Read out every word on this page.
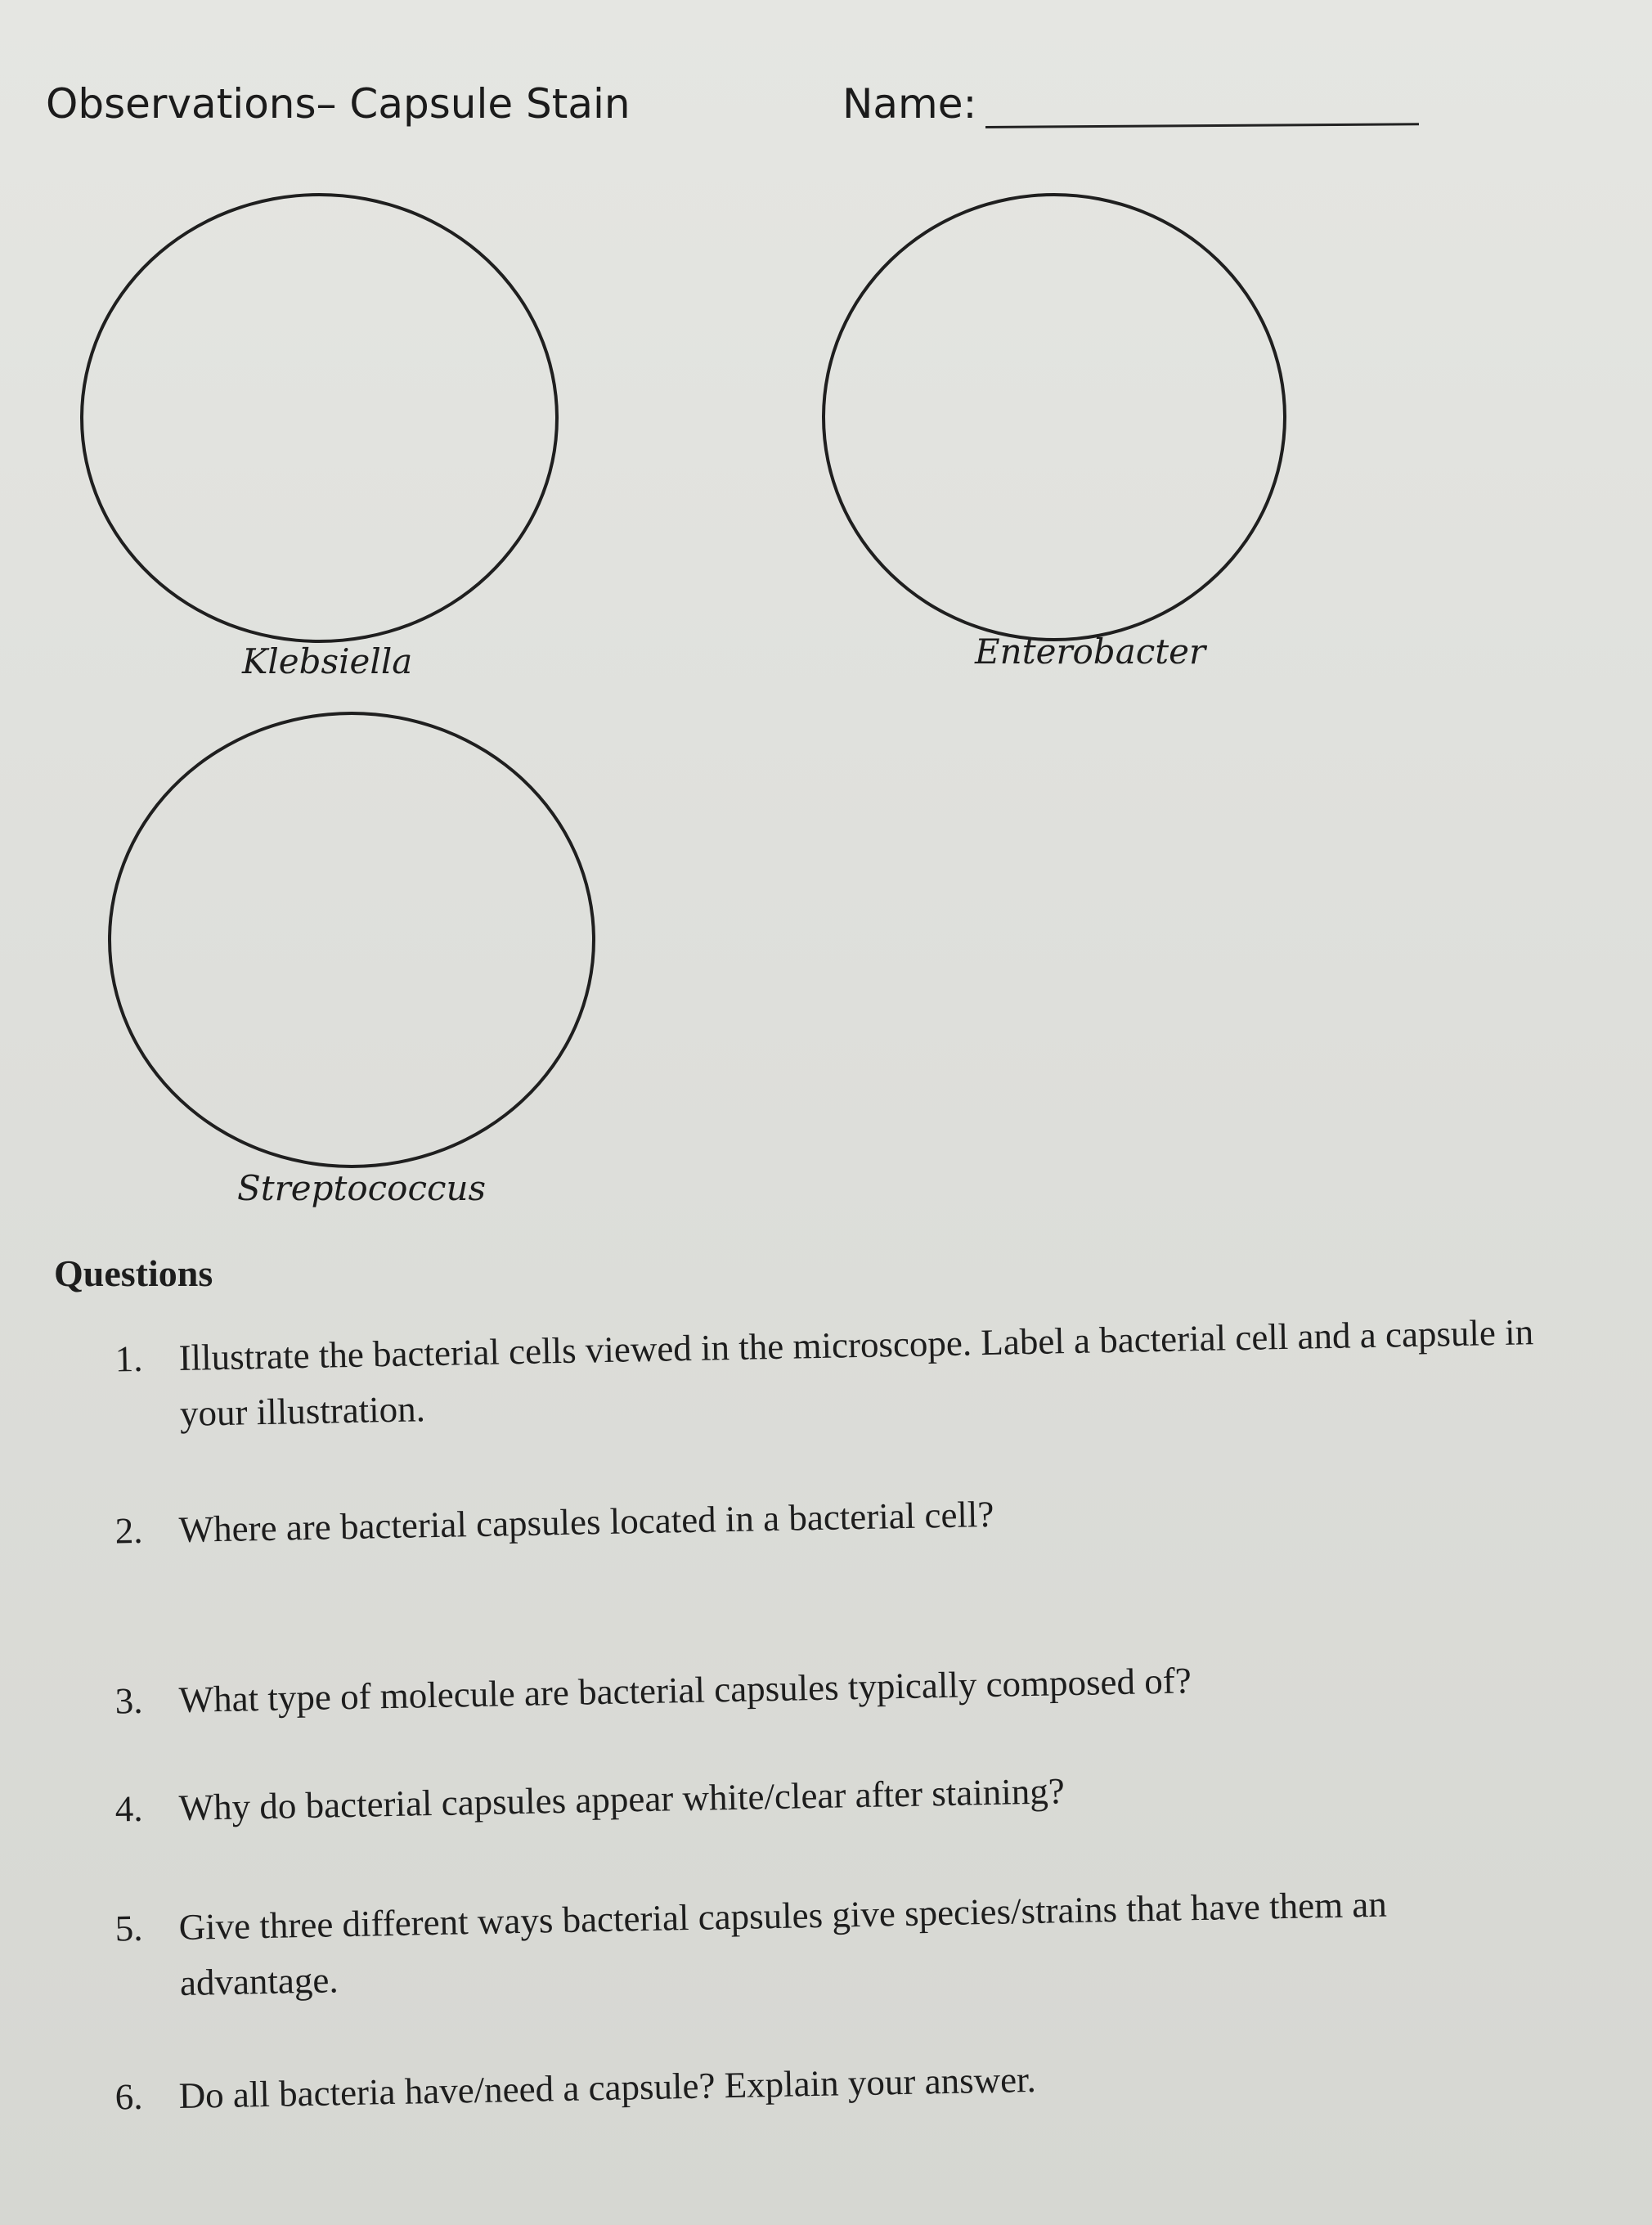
Observations– Capsule Stain	Name:
Klebsiella	Enterobacter
Streptococcus
Questions
1. Illustrate the bacterial cells viewed in the microscope. Label a bacterial cell and a capsule in your illustration.
2. Where are bacterial capsules located in a bacterial cell?
3. What type of molecule are bacterial capsules typically composed of?
4. Why do bacterial capsules appear white/clear after staining?
5. Give three different ways bacterial capsules give species/strains that have them an advantage.
6. Do all bacteria have/need a capsule? Explain your answer.
